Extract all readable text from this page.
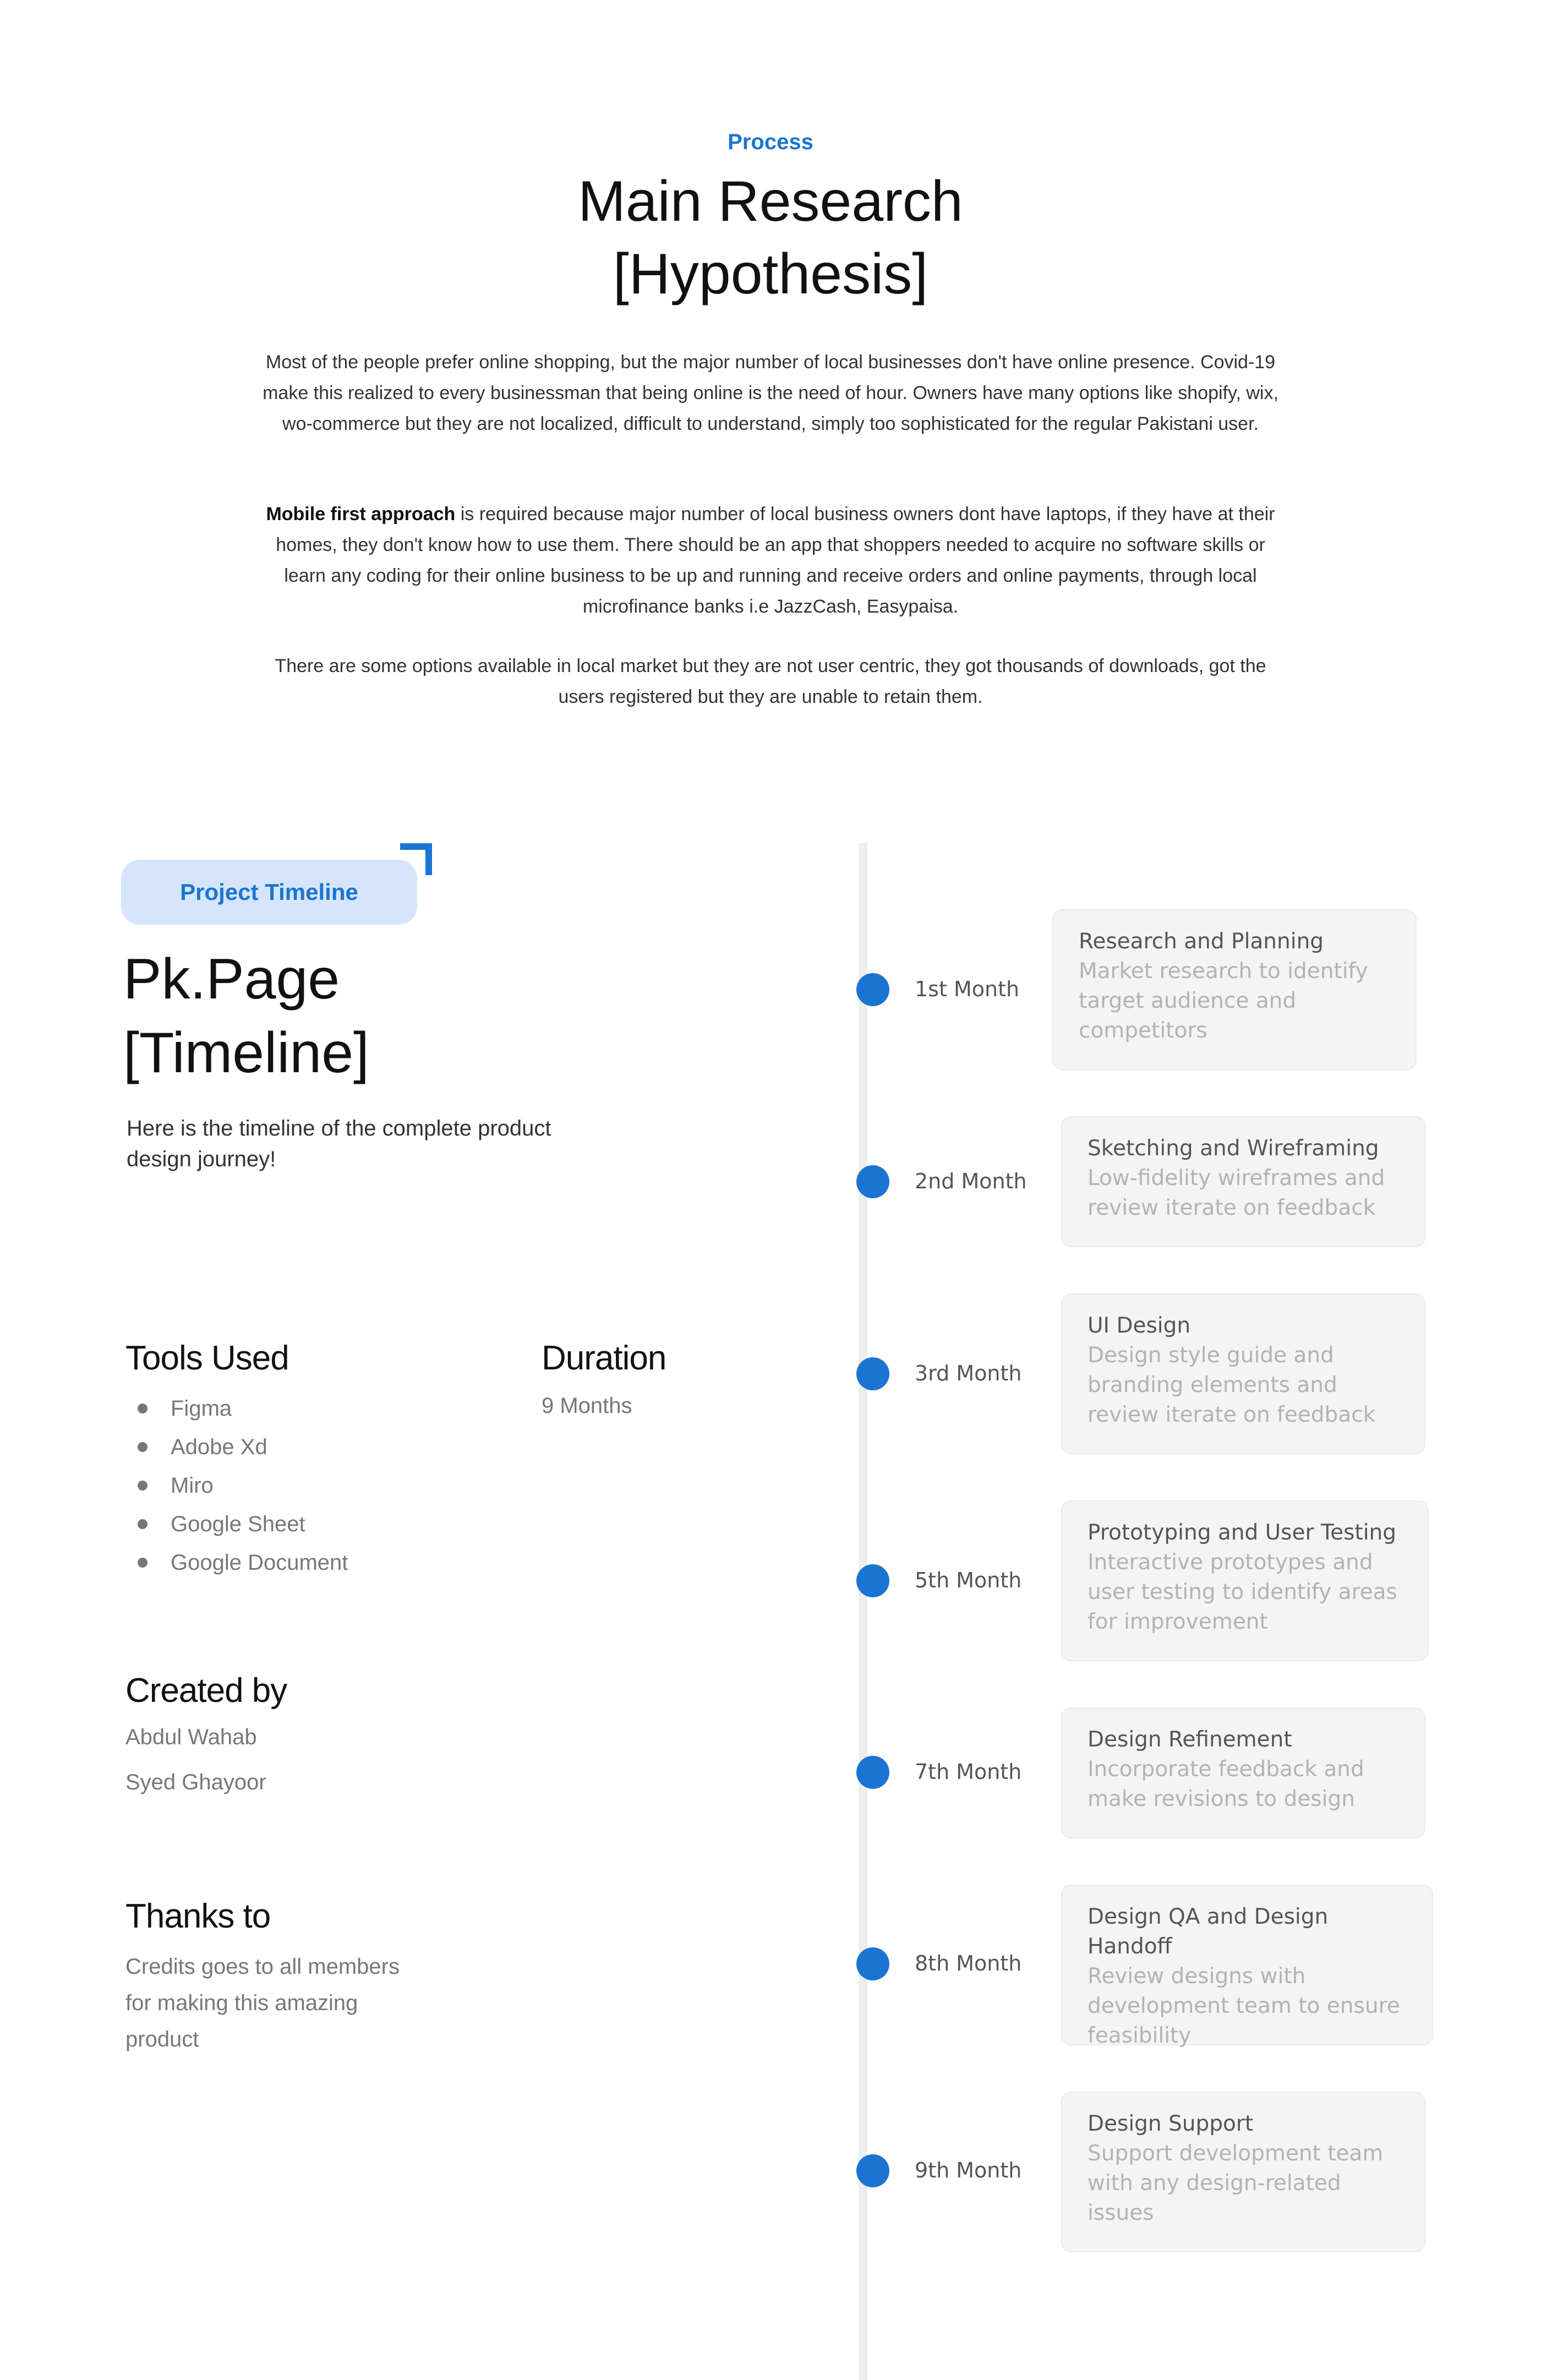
Process
Main Research
[Hypothesis]

Most of the people prefer online shopping, but the major number of local businesses don't have online presence. Covid-19 make this realized to every businessman that being online is the need of hour. Owners have many options like shopify, wix, wo-commerce but they are not localized, difficult to understand, simply too sophisticated for the regular Pakistani user.

Mobile first approach is required because major number of local business owners dont have laptops, if they have at their homes, they don't know how to use them. There should be an app that shoppers needed to acquire no software skills or learn any coding for their online business to be up and running and receive orders and online payments, through local microfinance banks i.e JazzCash, Easypaisa.

There are some options available in local market but they are not user centric, they got thousands of downloads, got the users registered but they are unable to retain them.

Project Timeline
Pk.Page
[Timeline]

Here is the timeline of the complete product design journey!

Tools Used
Figma
Adobe Xd
Miro
Google Sheet
Google Document
Duration
9 Months
Created by
Abdul Wahab
Syed Ghayoor
Thanks to

Credits goes to all members for making this amazing product

1st Month
Research and Planning
Market research to identify target audience and competitors
2nd Month
Sketching and Wireframing
Low-fidelity wireframes and review iterate on feedback
3rd Month
UI Design
Design style guide and branding elements and review iterate on feedback
5th Month
Prototyping and User Testing
Interactive prototypes and user testing to identify areas for improvement
7th Month
Design Refinement
Incorporate feedback and make revisions to design
8th Month
Design QA and Design Handoff
Review designs with development team to ensure feasibility
9th Month
Design Support
Support development team with any design-related issues
